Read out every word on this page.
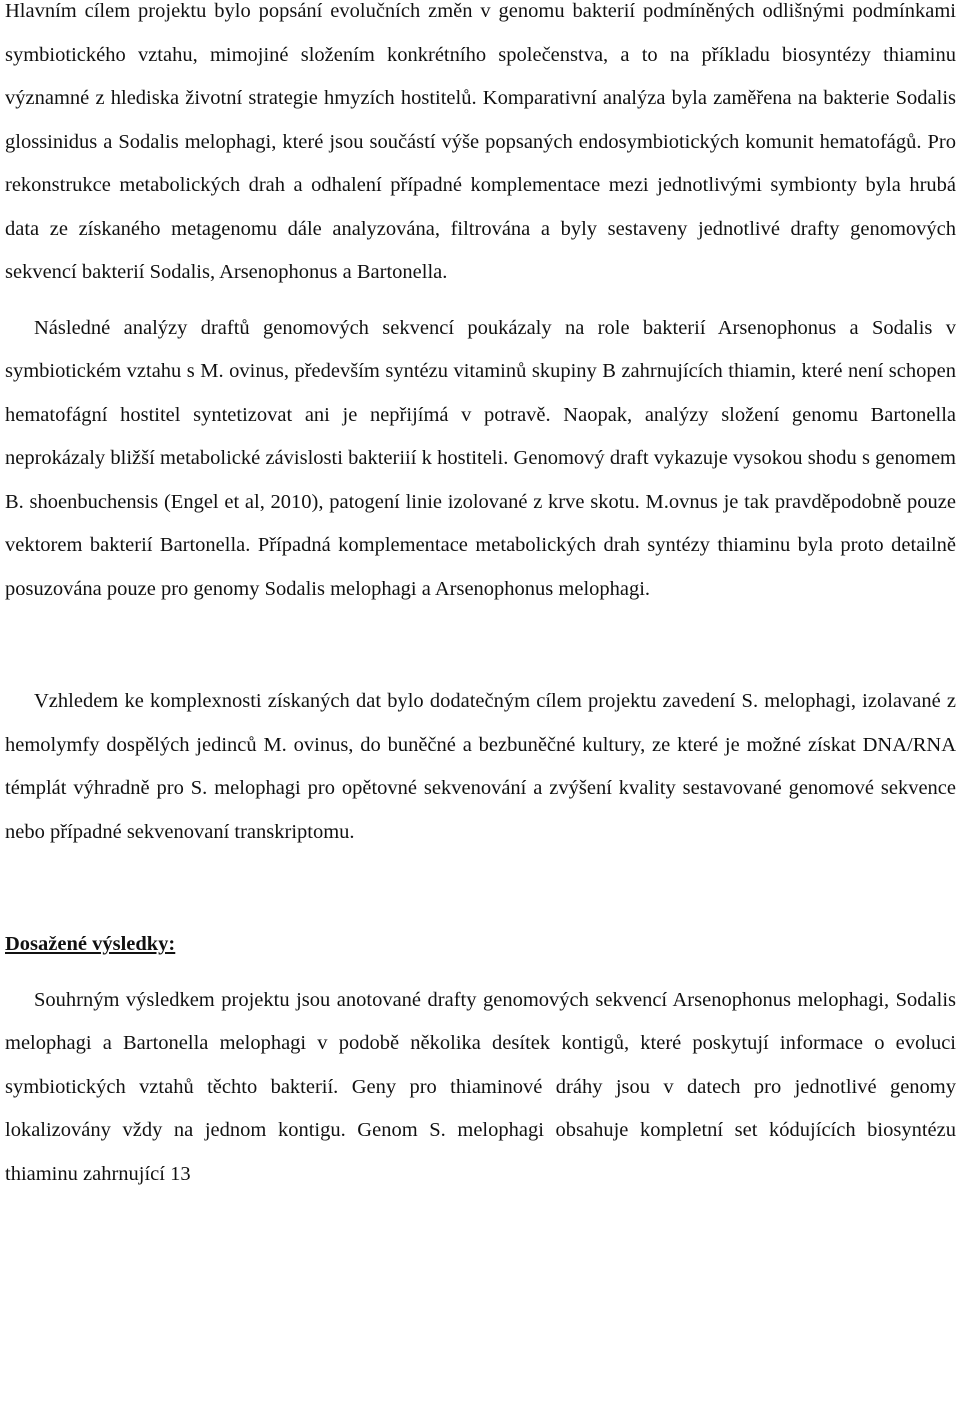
Hlavním cílem projektu bylo popsání evolučních změn v genomu bakterií podmíněných odlišnými podmínkami symbiotického vztahu, mimojiné složením konkrétního společenstva, a to na příkladu biosyntézy thiaminu významné z hlediska životní strategie hmyzích hostitelů. Komparativní analýza byla zaměřena na bakterie Sodalis glossinidus a Sodalis melophagi, které jsou součástí výše popsaných endosymbiotických komunit hematofágů. Pro rekonstrukce metabolických drah a odhalení případné komplementace mezi jednotlivými symbionty byla hrubá data ze získaného metagenomu dále analyzována, filtrována a byly sestaveny jednotlivé drafty genomových sekvencí bakterií Sodalis, Arsenophonus a Bartonella.

Následné analýzy draftů genomových sekvencí poukázaly na role bakterií Arsenophonus a Sodalis v symbiotickém vztahu s M. ovinus, především syntézu vitaminů skupiny B zahrnujících thiamin, které není schopen hematofágní hostitel syntetizovat ani je nepřijímá v potravě. Naopak, analýzy složení genomu Bartonella neprokázaly bližší metabolické závislosti bakteriií k hostiteli. Genomový draft vykazuje vysokou shodu s genomem B. shoenbuchensis (Engel et al, 2010), patogení linie izolované z krve skotu. M.ovnus je tak pravděpodobně pouze vektorem bakterií Bartonella. Případná komplementace metabolických drah syntézy thiaminu byla proto detailně posuzována pouze pro genomy Sodalis melophagi a Arsenophonus melophagi.

Vzhledem ke komplexnosti získaných dat bylo dodatečným cílem projektu zavedení S. melophagi, izolavané z hemolymfy dospělých jedinců M. ovinus, do buněčné a bezbuněčné kultury, ze které je možné získat DNA/RNA témplát výhradně pro S. melophagi pro opětovné sekvenování a zvýšení kvality sestavované genomové sekvence nebo případné sekvenovaní transkriptomu.

Dosažené výsledky:

Souhrným výsledkem projektu jsou anotované drafty genomových sekvencí Arsenophonus melophagi, Sodalis melophagi a Bartonella melophagi v podobě několika desítek kontigů, které poskytují informace o evoluci symbiotických vztahů těchto bakterií. Geny pro thiaminové dráhy jsou v datech pro jednotlivé genomy lokalizovány vždy na jednom kontigu. Genom S. melophagi obsahuje kompletní set kódujících biosyntézu thiaminu zahrnující 13
